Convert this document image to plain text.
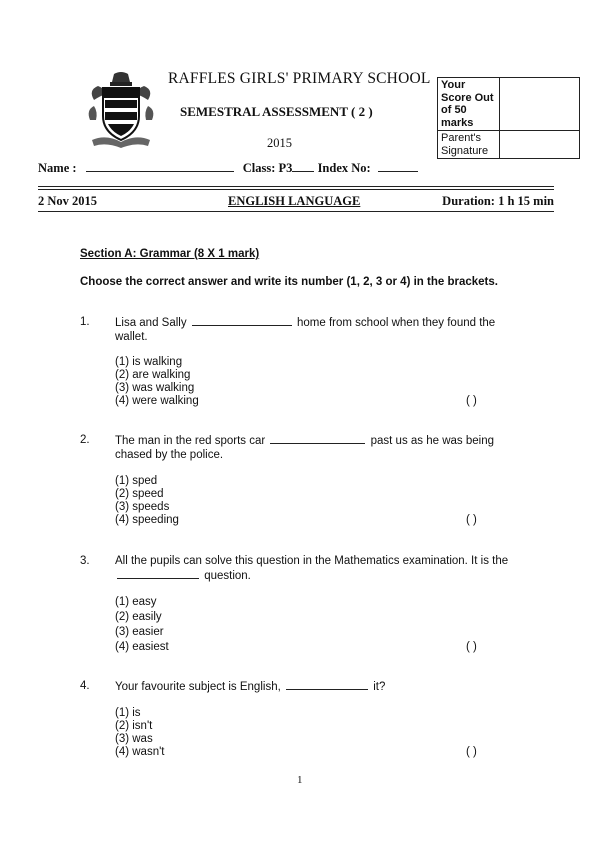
RAFFLES GIRLS' PRIMARY SCHOOL
SEMESTRAL ASSESSMENT ( 2 )
2015
Your Score Out of 50 marks	
Parent's Signature	
Name :	Class: P3 Index No:
2 Nov 2015	ENGLISH LANGUAGE	Duration: 1 h 15 min
Section A: Grammar (8 X 1 mark)
Choose the correct answer and write its number (1, 2, 3 or 4) in the brackets.
1. Lisa and Sally	home from school when they found the wallet.
(1) is walking
(2) are walking
(3) was walking
(4) were walking	( )
2. The man in the red sports car	past us as he was being chased by the police.
(1) sped
(2) speed
(3) speeds
(4) speeding	( )
3. All the pupils can solve this question in the Mathematics examination. It is the  question.
(1) easy
(2) easily
(3) easier
(4) easiest	( )
4. Your favourite subject is English,	it?
(1) is
(2) isn't
(3) was
(4) wasn't	( )
1
